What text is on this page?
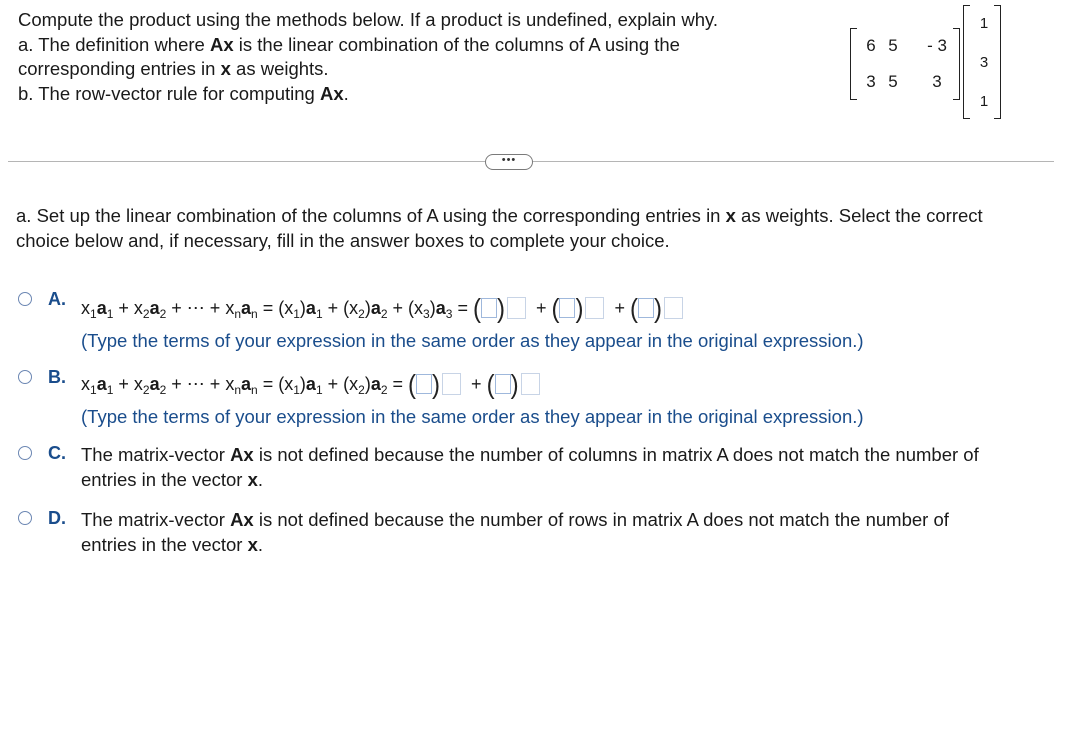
Compute the product using the methods below. If a product is undefined, explain why.
a. The definition where Ax is the linear combination of the columns of A using the
corresponding entries in x as weights.
b. The row-vector rule for computing Ax.
6 5	- 3
3 5	3
1
3
1
•••
a. Set up the linear combination of the columns of A using the corresponding entries in x as weights. Select the correct
choice below and, if necessary, fill in the answer boxes to complete your choice.
A. $x_1a_1 + x_2a_2$ + ⋯ + $x_na_n = (x_1)a_1 + (x_2)a_2 + (x_3)a_3$ = ( )  + ( )  + ( )
(Type the terms of your expression in the same order as they appear in the original expression.)
B. $x_1a_1 + x_2a_2$ + ⋯ + $x_na_n = (x_1)a_1 + (x_2)a_2$ = ( )  + ( )
(Type the terms of your expression in the same order as they appear in the original expression.)
C. The matrix-vector Ax is not defined because the number of columns in matrix A does not match the number of
entries in the vector x.
D. The matrix-vector Ax is not defined because the number of rows in matrix A does not match the number of
entries in the vector x.
